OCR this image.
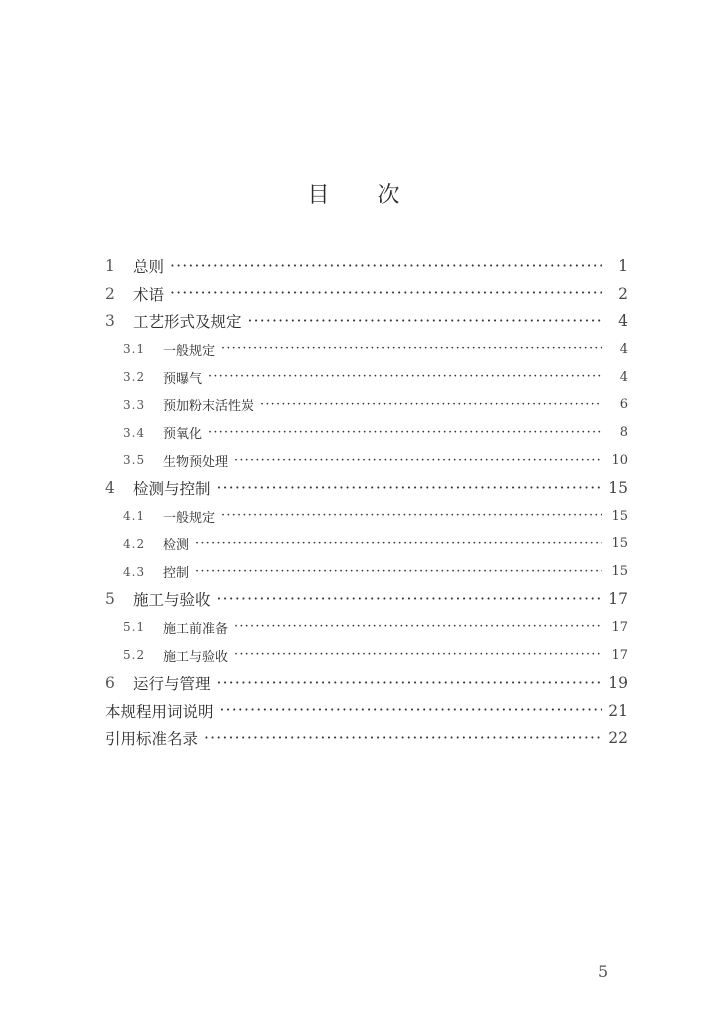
目 次
1	总则 ·····	1
2	术语 ·····	2
3	工艺形式及规定 ·····	4
3.1	一般规定 ·····	4
3.2	预曝气 ·····	4
3.3	预加粉末活性炭 ·····	6
3.4	预氧化 ·····	8
3.5	生物预处理 ·····	10
4	检测与控制 ·····	15
4.1	一般规定 ·····	15
4.2	检测 ·····	15
4.3	控制 ·····	15
5	施工与验收 ·····	17
5.1	施工前准备 ·····	17
5.2	施工与验收 ·····	17
6	运行与管理 ·····	19
本规程用词说明 ·····	21
引用标准名录 ·····	22
5
